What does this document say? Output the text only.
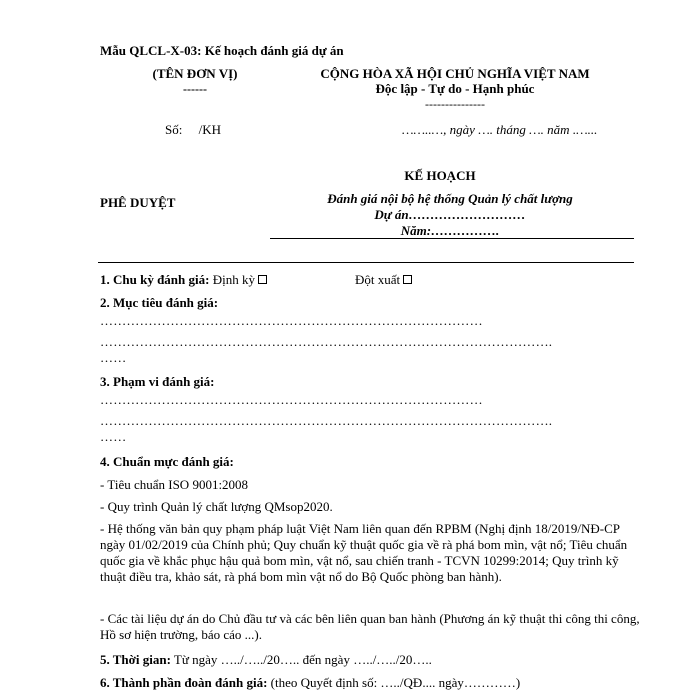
Mẫu QLCL-X-03: Kế hoạch đánh giá dự án
(TÊN ĐƠN VỊ)
------
CỘNG HÒA XÃ HỘI CHỦ NGHĨA VIỆT NAM
Độc lập - Tự do - Hạnh phúc
---------------
Số: /KH	……..…, ngày …. tháng …. năm .…...
KẾ HOẠCH
PHÊ DUYỆT	Đánh giá nội bộ hệ thống Quản lý chất lượng
Dự án………………………
Năm:…………….
1. Chu kỳ đánh giá: Định kỳ	Đột xuất
2. Mục tiêu đánh giá:
……………………………………………………………………………
………………………………………………………………………………………….
……
3. Phạm vi đánh giá:
……………………………………………………………………………
………………………………………………………………………………………….
……
4. Chuẩn mực đánh giá:
- Tiêu chuẩn ISO 9001:2008
- Quy trình Quản lý chất lượng QMsop2020.
- Hệ thống văn bản quy phạm pháp luật Việt Nam liên quan đến RPBM (Nghị định 18/2019/NĐ-CP ngày 01/02/2019 của Chính phủ; Quy chuẩn kỹ thuật quốc gia về rà phá bom mìn, vật nổ; Tiêu chuẩn quốc gia về khắc phục hậu quả bom mìn, vật nổ, sau chiến tranh - TCVN 10299:2014; Quy trình kỹ thuật điều tra, khảo sát, rà phá bom mìn vật nổ do Bộ Quốc phòng ban hành).
- Các tài liệu dự án do Chủ đầu tư và các bên liên quan ban hành (Phương án kỹ thuật thi công thi công, Hồ sơ hiện trường, báo cáo ...).
5. Thời gian: Từ ngày …../…../20….. đến ngày …../…../20…..
6. Thành phần đoàn đánh giá: (theo Quyết định số: …../QĐ.... ngày…………)
